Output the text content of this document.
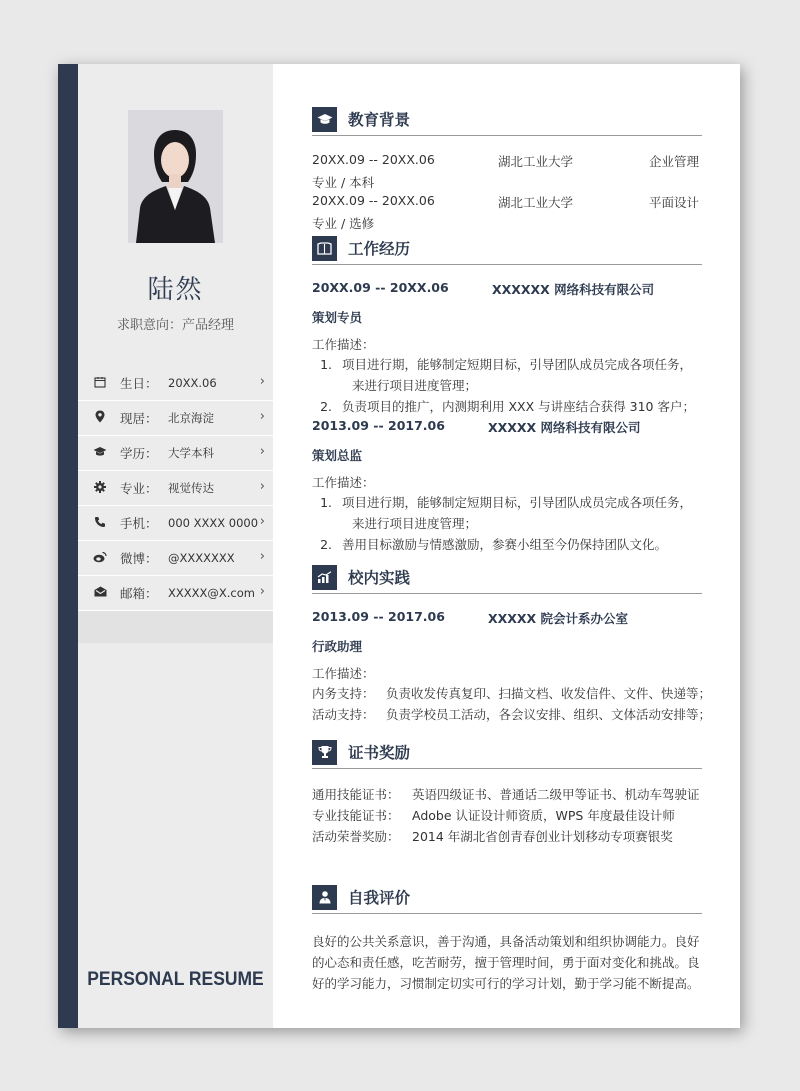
陆然
求职意向：产品经理
生日： 20XX.06	›
现居： 北京海淀	›
学历： 大学本科	›
专业： 视觉传达	›
手机： 000 XXXX 0000 ›
微博： @XXXXXXX ›
邮箱： XXXXX@X.com ›
PERSONAL RESUME
教育背景
20XX.09 -- 20XX.06	湖北工业大学	企业管理
专业 / 本科
20XX.09 -- 20XX.06	湖北工业大学	平面设计
专业 / 选修
工作经历
20XX.09 -- 20XX.06	XXXXXX 网络科技有限公司
策划专员
工作描述：
1. 项目进行期，能够制定短期目标，引导团队成员完成各项任务，
来进行项目进度管理；
2. 负责项目的推广，内测期利用 XXX 与讲座结合获得 310 客户；
2013.09 -- 2017.06	XXXXX 网络科技有限公司
策划总监
工作描述：
1. 项目进行期，能够制定短期目标，引导团队成员完成各项任务，
来进行项目进度管理；
2. 善用目标激励与情感激励，参赛小组至今仍保持团队文化。
校内实践
2013.09 -- 2017.06	XXXXX 院会计系办公室
行政助理
工作描述：
内务支持： 负责收发传真复印、扫描文档、收发信件、文件、快递等；
活动支持： 负责学校员工活动，各会议安排、组织、文体活动安排等；
证书奖励
通用技能证书： 英语四级证书、普通话二级甲等证书、机动车驾驶证
专业技能证书： Adobe 认证设计师资质，WPS 年度最佳设计师
活动荣誉奖励： 2014 年湖北省创青春创业计划移动专项赛银奖
自我评价
良好的公共关系意识，善于沟通，具备活动策划和组织协调能力。良好的心态和责任感，吃苦耐劳，擅于管理时间，勇于面对变化和挑战。良好的学习能力，习惯制定切实可行的学习计划，勤于学习能不断提高。
